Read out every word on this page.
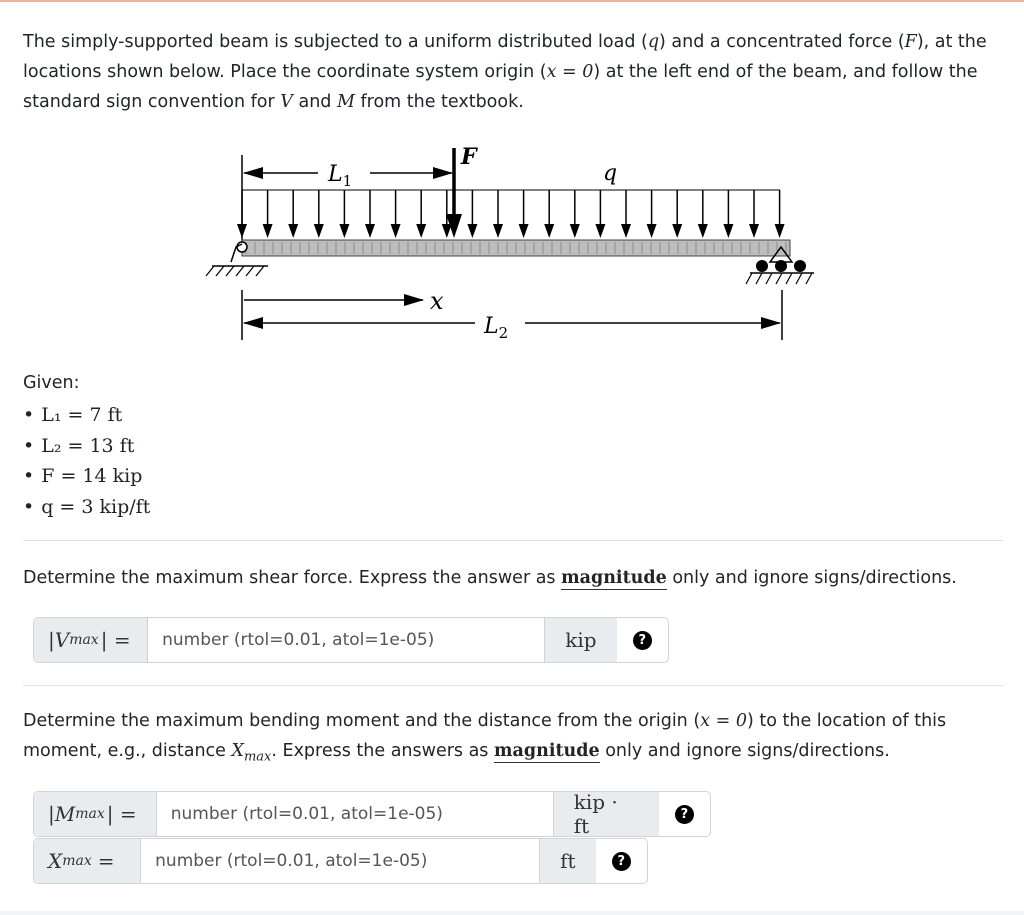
The simply-supported beam is subjected to a uniform distributed load (q) and a concentrated force (F), at the locations shown below. Place the coordinate system origin (x = 0) at the left end of the beam, and follow the standard sign convention for V and M from the textbook.

$L_1$
F
q
x
$L_2$

Given:

• L₁ = 7 ft
• L₂ = 13 ft
• F = 14 kip
• q = 3 kip/ft

Determine the maximum shear force. Express the answer as magnitude only and ignore signs/directions.

|V max | =
number (rtol=0.01, atol=1e-05)	kip	?

Determine the maximum bending moment and the distance from the origin (x = 0) to the location of this moment, e.g., distance $X_{max}$. Express the answers as magnitude only and ignore signs/directions.

|M max | =
number (rtol=0.01, atol=1e-05)	kip · ft	?
X max =
number (rtol=0.01, atol=1e-05)	ft	?
